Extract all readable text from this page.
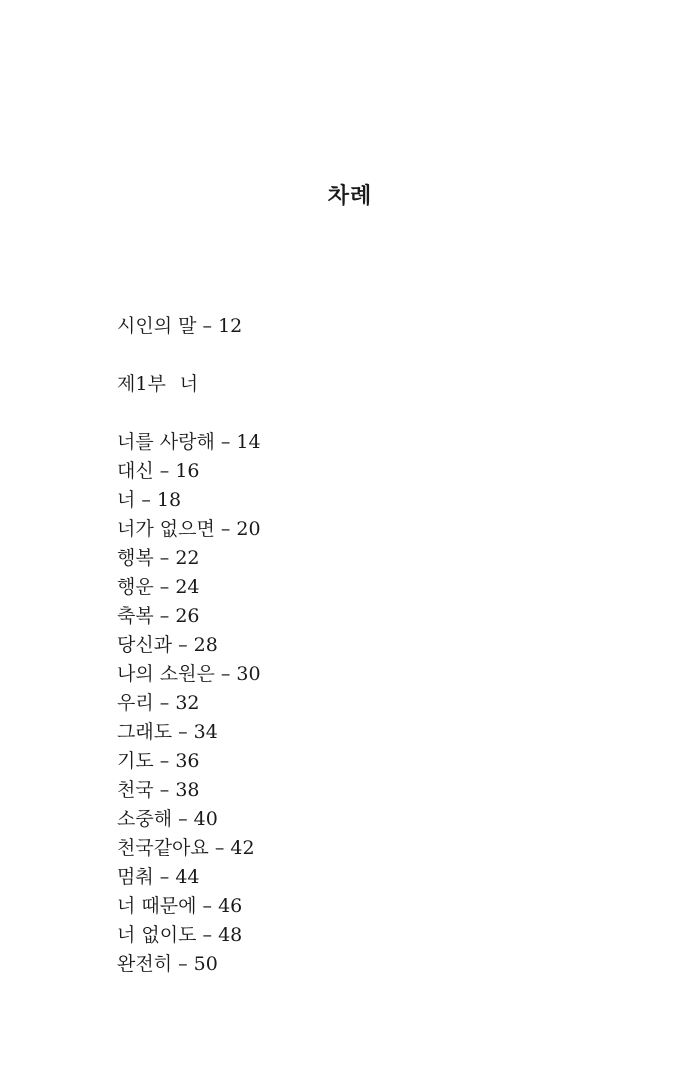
차례
시인의 말 – 12
제1부 너
너를 사랑해 – 14
대신 – 16
너 – 18
너가 없으면 – 20
행복 – 22
행운 – 24
축복 – 26
당신과 – 28
나의 소원은 – 30
우리 – 32
그래도 – 34
기도 – 36
천국 – 38
소중해 – 40
천국같아요 – 42
멈춰 – 44
너 때문에 – 46
너 없이도 – 48
완전히 – 50
